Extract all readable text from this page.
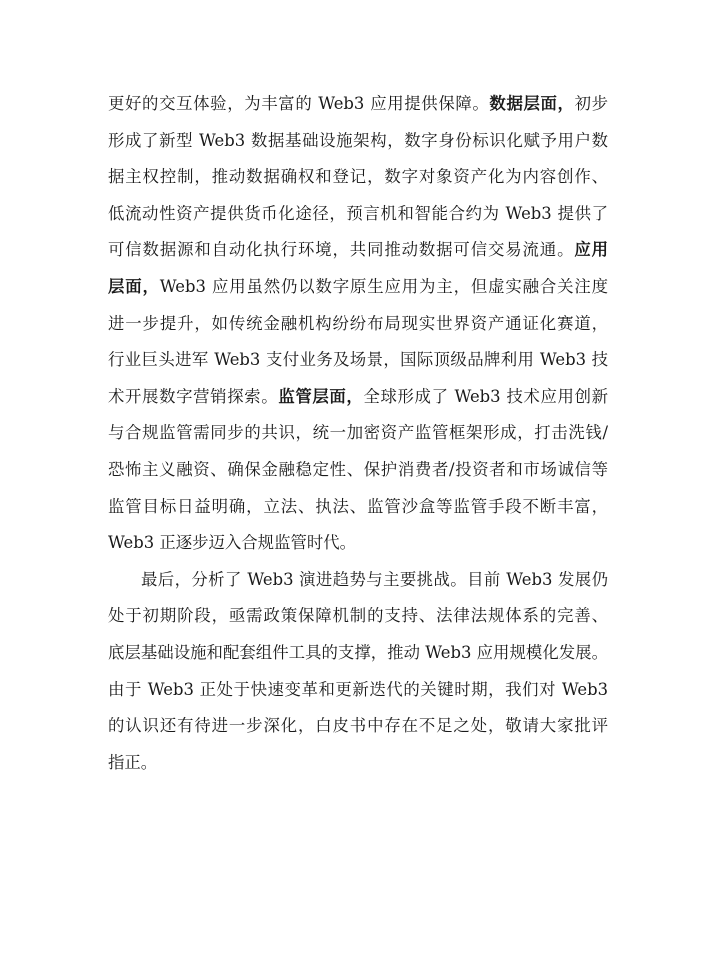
更好的交互体验，为丰富的 Web3 应用提供保障。数据层面，初步
形成了新型 Web3 数据基础设施架构，数字身份标识化赋予用户数
据主权控制，推动数据确权和登记，数字对象资产化为内容创作、
低流动性资产提供货币化途径，预言机和智能合约为 Web3 提供了
可信数据源和自动化执行环境，共同推动数据可信交易流通。应用
层面，Web3 应用虽然仍以数字原生应用为主，但虚实融合关注度
进一步提升，如传统金融机构纷纷布局现实世界资产通证化赛道，
行业巨头进军 Web3 支付业务及场景，国际顶级品牌利用 Web3 技
术开展数字营销探索。监管层面，全球形成了 Web3 技术应用创新
与合规监管需同步的共识，统一加密资产监管框架形成，打击洗钱/
恐怖主义融资、确保金融稳定性、保护消费者/投资者和市场诚信等
监管目标日益明确，立法、执法、监管沙盒等监管手段不断丰富，
Web3 正逐步迈入合规监管时代。
最后，分析了 Web3 演进趋势与主要挑战。目前 Web3 发展仍
处于初期阶段，亟需政策保障机制的支持、法律法规体系的完善、
底层基础设施和配套组件工具的支撑，推动 Web3 应用规模化发展。
由于 Web3 正处于快速变革和更新迭代的关键时期，我们对 Web3
的认识还有待进一步深化，白皮书中存在不足之处，敬请大家批评
指正。
